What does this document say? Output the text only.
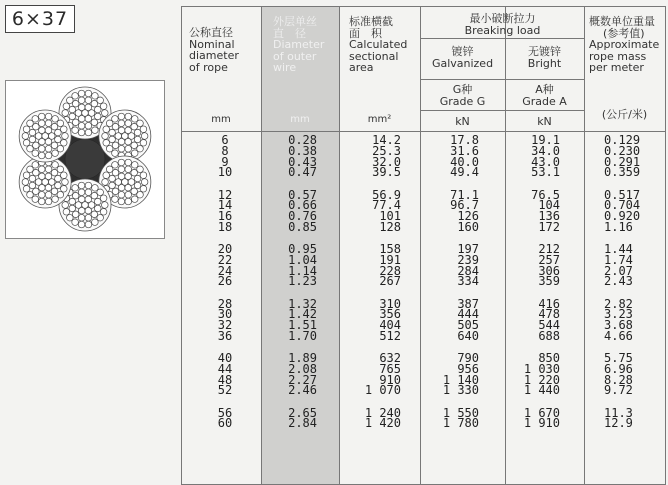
6×37
公称直径
Nominal
diameter
of rope
mm
外层单丝
直　径
Diameter
of outer
wire
mm
标准横截
面　积
Calculated
sectional
area
mm²
最小破断拉力
Breaking load
镀锌
Galvanized
无镀锌
Bright
G种
Grade G
A种
Grade A
kN	kN
概数单位重量
(参考值)
Approximate
rope mass
per meter
(公斤/米)
6
8
9
10
12
14
16
18
20
22
24
26
28
30
32
36
40
44
48
52
56
60
0.28
0.38
0.43
0.47
0.57
0.66
0.76
0.85
0.95
1.04
1.14
1.23
1.32
1.42
1.51
1.70
1.89
2.08
2.27
2.46
2.65
2.84
14.2
25.3
32.0
39.5
56.9
77.4
101
128
158
191
228
267
310
356
404
512
632
765
910
1 070
1 240
1 420
17.8
31.6
40.0
49.4
71.1
96.7
126
160
197
239
284
334
387
444
505
640
790
956
1 140
1 330
1 550
1 780
19.1
34.0
43.0
53.1
76.5
104
136
172
212
257
306
359
416
478
544
688
850
1 030
1 220
1 440
1 670
1 910
0.129
0.230
0.291
0.359
0.517
0.704
0.920
1.16
1.44
1.74
2.07
2.43
2.82
3.23
3.68
4.66
5.75
6.96
8.28
9.72
11.3
12.9
